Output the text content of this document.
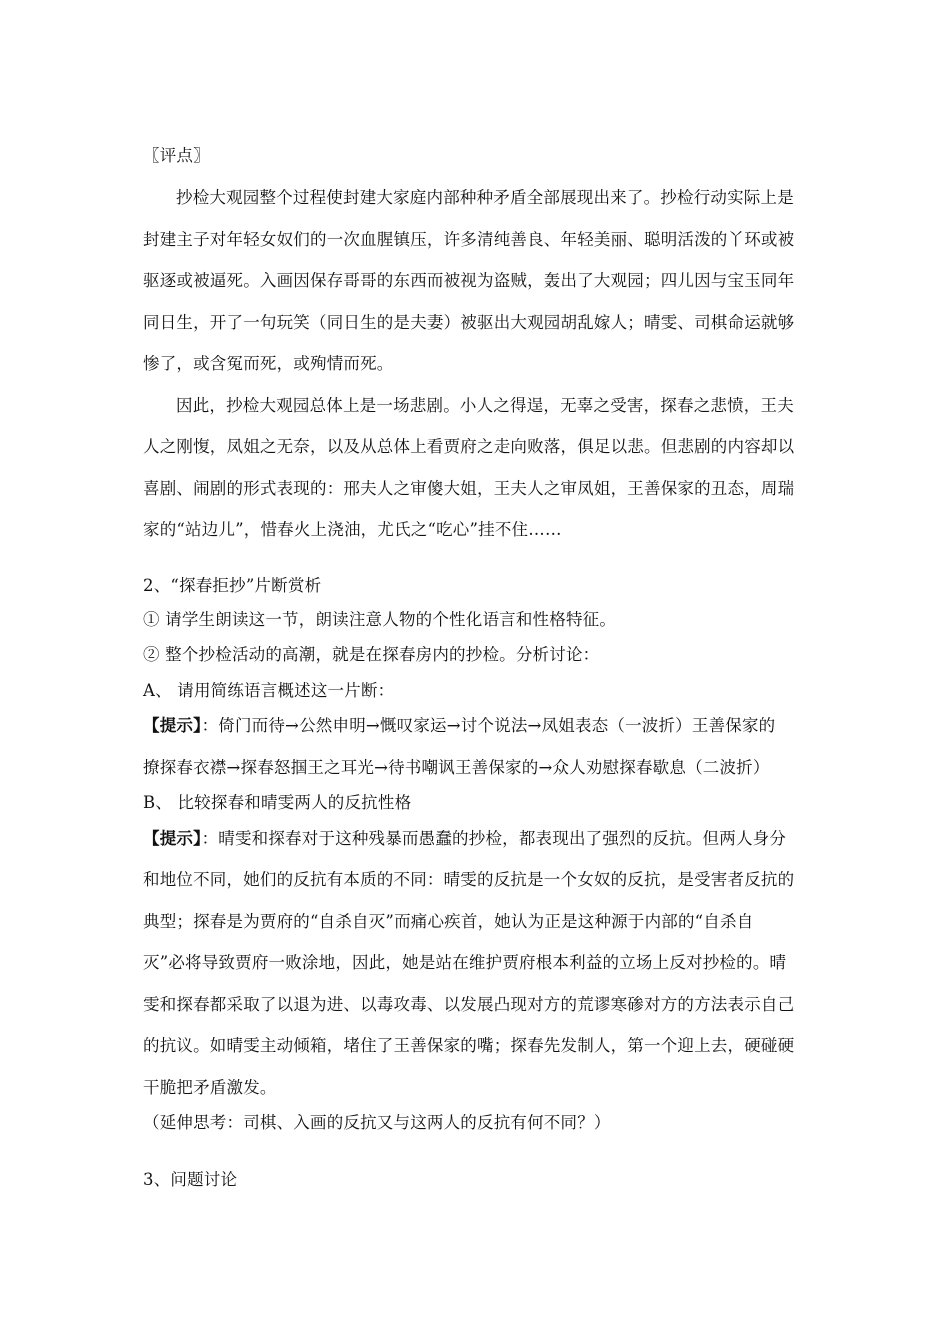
〖评点〗
抄检大观园整个过程使封建大家庭内部种种矛盾全部展现出来了。抄检行动实际上是
封建主子对年轻女奴们的一次血腥镇压，许多清纯善良、年轻美丽、聪明活泼的丫环或被
驱逐或被逼死。入画因保存哥哥的东西而被视为盗贼，轰出了大观园；四儿因与宝玉同年
同日生，开了一句玩笑（同日生的是夫妻）被驱出大观园胡乱嫁人；晴雯、司棋命运就够
惨了，或含冤而死，或殉情而死。
因此，抄检大观园总体上是一场悲剧。小人之得逞，无辜之受害，探春之悲愤，王夫
人之刚愎，凤姐之无奈，以及从总体上看贾府之走向败落，俱足以悲。但悲剧的内容却以
喜剧、闹剧的形式表现的：邢夫人之审傻大姐，王夫人之审凤姐，王善保家的丑态，周瑞
家的“站边儿”，惜春火上浇油，尤氏之“吃心”挂不住……
2、“探春拒抄”片断赏析
① 请学生朗读这一节，朗读注意人物的个性化语言和性格特征。
② 整个抄检活动的高潮，就是在探春房内的抄检。分析讨论：
A、 请用简练语言概述这一片断：
【提示】：倚门而待→公然申明→慨叹家运→讨个说法→凤姐表态（一波折）王善保家的
撩探春衣襟→探春怒掴王之耳光→待书嘲讽王善保家的→众人劝慰探春歇息（二波折）
B、 比较探春和晴雯两人的反抗性格
【提示】：晴雯和探春对于这种残暴而愚蠢的抄检，都表现出了强烈的反抗。但两人身分
和地位不同，她们的反抗有本质的不同：晴雯的反抗是一个女奴的反抗，是受害者反抗的
典型；探春是为贾府的“自杀自灭”而痛心疾首，她认为正是这种源于内部的“自杀自
灭”必将导致贾府一败涂地，因此，她是站在维护贾府根本利益的立场上反对抄检的。晴
雯和探春都采取了以退为进、以毒攻毒、以发展凸现对方的荒谬寒碜对方的方法表示自己
的抗议。如晴雯主动倾箱，堵住了王善保家的嘴；探春先发制人，第一个迎上去，硬碰硬
干脆把矛盾激发。
（延伸思考：司棋、入画的反抗又与这两人的反抗有何不同？）
3、问题讨论
